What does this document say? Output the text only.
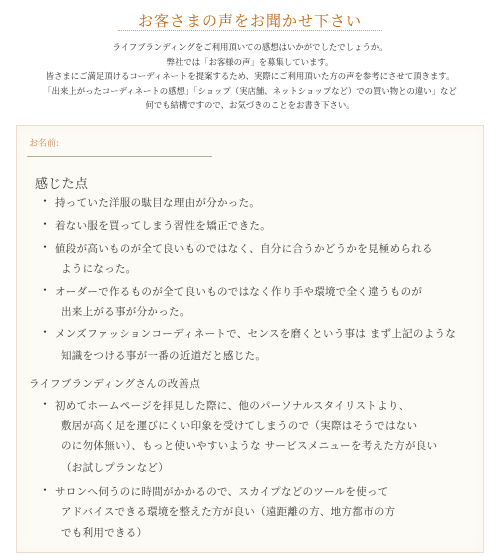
お客さまの声をお聞かせ下さい
ライフブランディングをご利用頂いての感想はいかがでしたでしょうか。
弊社では「お客様の声」を募集しています。
皆さまにご満足頂けるコーディネートを提案するため、実際にご利用頂いた方の声を参考にさせて頂きます。
「出来上がったコーディネートの感想」「ショップ（実店舗、ネットショップなど）での買い物との違い」など
何でも結構ですので、お気づきのことをお書き下さい。
お名前:
感じた点
・ 持っていた洋服の駄目な理由が分かった。
・ 着ない服を買ってしまう習性を矯正できた。
・ 値段が高いものが全て良いものではなく、自分に合うかどうかを見極められる
ようになった。
・ オーダーで作るものが全て良いものではなく作り手や環境で全く違うものが
出来上がる事が分かった。
・ メンズファッションコーディネートで、センスを磨くという事は まず上記のような
知識をつける事が一番の近道だと感じた。
ライフブランディングさんの改善点
・ 初めてホームページを拝見した際に、他のパーソナルスタイリストより、
敷居が高く足を運びにくい印象を受けてしまうので（実際はそうではない
のに勿体無い）、もっと使いやすいような サービスメニューを考えた方が良い
（お試しプランなど）
・ サロンへ伺うのに時間がかかるので、スカイプなどのツールを使って
アドバイスできる環境を整えた方が良い（遠距離の方、地方都市の方
でも利用できる）
